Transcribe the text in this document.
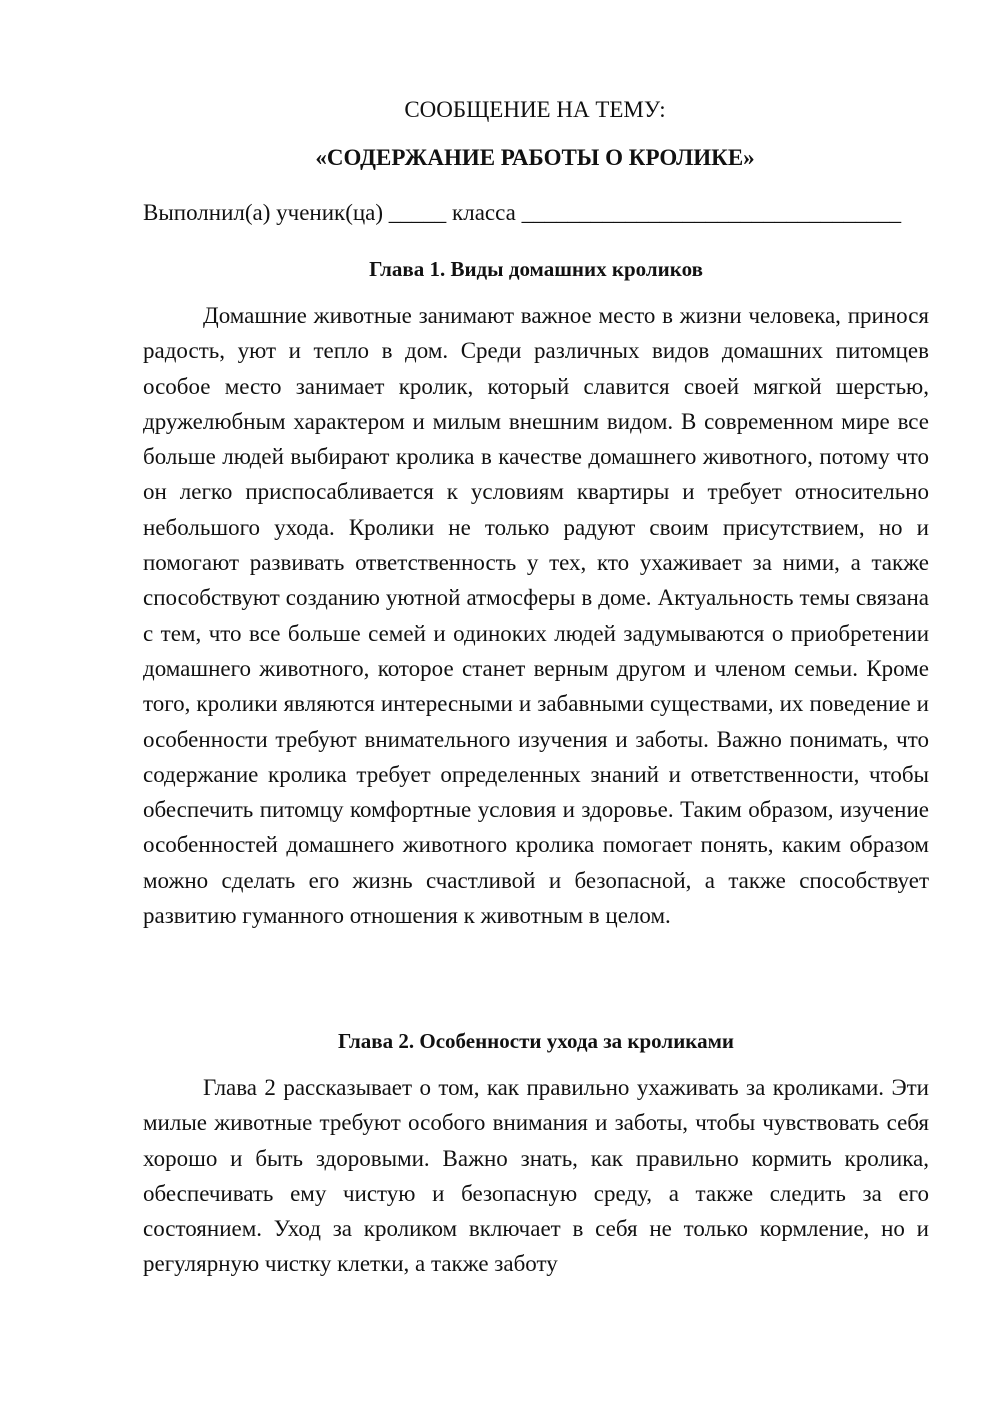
СООБЩЕНИЕ НА ТЕМУ:
«СОДЕРЖАНИЕ РАБОТЫ О КРОЛИКЕ»
Выполнил(а) ученик(ца) _____ класса _________________________________
Глава 1. Виды домашних кроликов

Домашние животные занимают важное место в жизни человека, принося радость, уют и тепло в дом. Среди различных видов домашних питомцев особое место занимает кролик, который славится своей мягкой шерстью, дружелюбным характером и милым внешним видом. В современном мире все больше людей выбирают кролика в качестве домашнего животного, потому что он легко приспосабливается к условиям квартиры и требует относительно небольшого ухода. Кролики не только радуют своим присутствием, но и помогают развивать ответственность у тех, кто ухаживает за ними, а также способствуют созданию уютной атмосферы в доме. Актуальность темы связана с тем, что все больше семей и одиноких людей задумываются о приобретении домашнего животного, которое станет верным другом и членом семьи. Кроме того, кролики являются интересными и забавными существами, их поведение и особенности требуют внимательного изучения и заботы. Важно понимать, что содержание кролика требует определенных знаний и ответственности, чтобы обеспечить питомцу комфортные условия и здоровье. Таким образом, изучение особенностей домашнего животного кролика помогает понять, каким образом можно сделать его жизнь счастливой и безопасной, а также способствует развитию гуманного отношения к животным в целом.

Глава 2. Особенности ухода за кроликами

Глава 2 рассказывает о том, как правильно ухаживать за кроликами. Эти милые животные требуют особого внимания и заботы, чтобы чувствовать себя хорошо и быть здоровыми. Важно знать, как правильно кормить кролика, обеспечивать ему чистую и безопасную среду, а также следить за его состоянием. Уход за кроликом включает в себя не только кормление, но и регулярную чистку клетки, а также заботу
